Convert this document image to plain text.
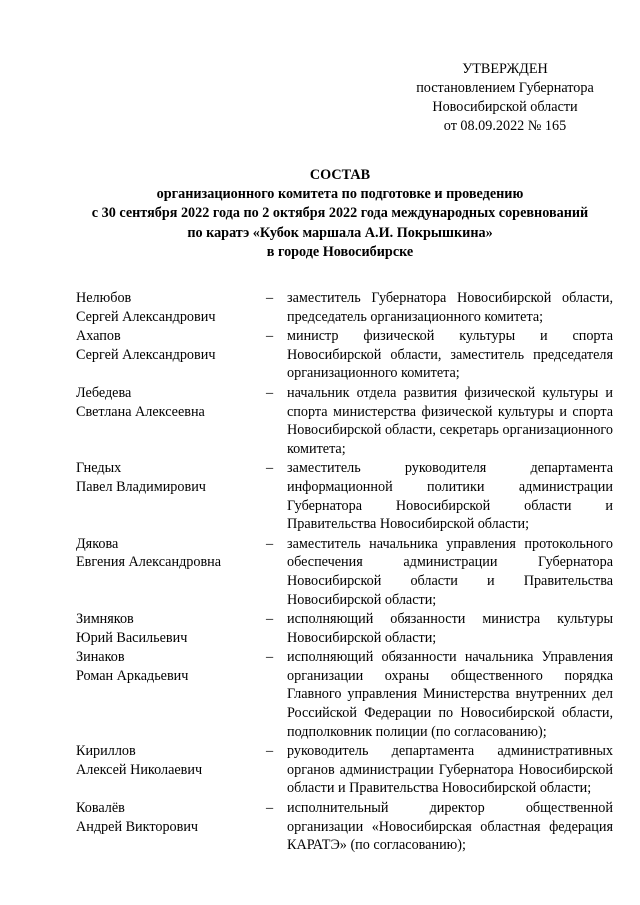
УТВЕРЖДЕН
постановлением Губернатора
Новосибирской области
от 08.09.2022 № 165
СОСТАВ
организационного комитета по подготовке и проведению
с 30 сентября 2022 года по 2 октября 2022 года международных соревнований
по каратэ «Кубок маршала А.И. Покрышкина»
в городе Новосибирске
Нелюбов
Сергей Александрович
– заместитель Губернатора Новосибирской области, председатель организационного комитета;
Ахапов
Сергей Александрович
– министр физической культуры и спорта Новосибирской области, заместитель председателя организационного комитета;
Лебедева
Светлана Алексеевна
– начальник отдела развития физической культуры и спорта министерства физической культуры и спорта Новосибирской области, секретарь организационного комитета;
Гнедых
Павел Владимирович
– заместитель руководителя департамента информационной политики администрации Губернатора Новосибирской области и Правительства Новосибирской области;
Дякова
Евгения Александровна
– заместитель начальника управления протокольного обеспечения администрации Губернатора Новосибирской области и Правительства Новосибирской области;
Зимняков
Юрий Васильевич
– исполняющий обязанности министра культуры Новосибирской области;
Зинаков
Роман Аркадьевич
– исполняющий обязанности начальника Управления организации охраны общественного порядка Главного управления Министерства внутренних дел Российской Федерации по Новосибирской области, подполковник полиции (по согласованию);
Кириллов
Алексей Николаевич
– руководитель департамента административных органов администрации Губернатора Новосибирской области и Правительства Новосибирской области;
Ковалёв
Андрей Викторович
– исполнительный директор общественной организации «Новосибирская областная федерация КАРАТЭ» (по согласованию);
